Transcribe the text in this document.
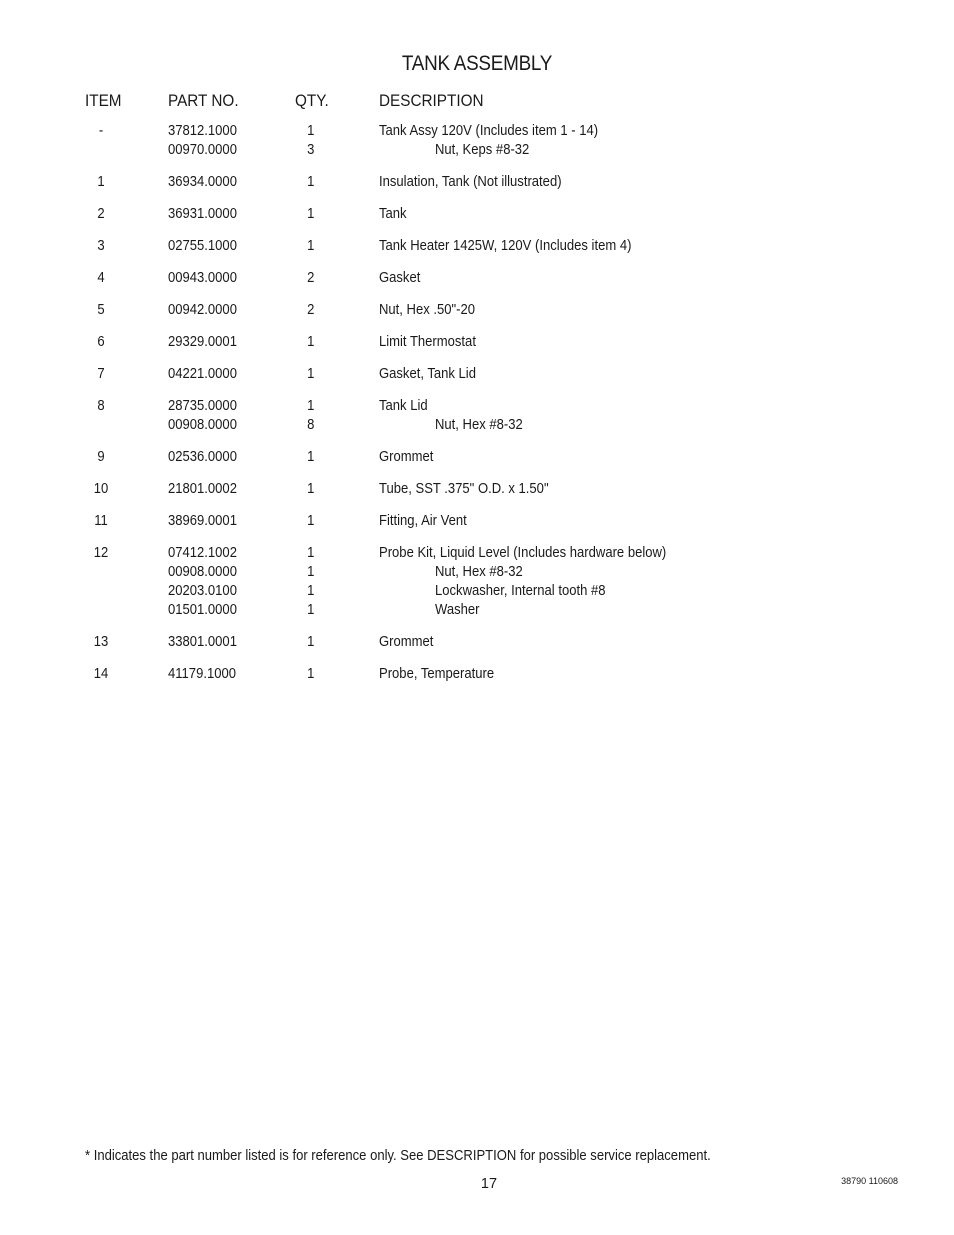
TANK ASSEMBLY
ITEM	PART NO.	QTY.	DESCRIPTION
-	37812.1000	1	Tank Assy 120V (Includes item 1 - 14)
00970.0000	3	Nut, Keps #8-32
1	36934.0000	1	Insulation, Tank (Not illustrated)
2	36931.0000	1	Tank
3	02755.1000	1	Tank Heater 1425W, 120V (Includes item 4)
4	00943.0000	2	Gasket
5	00942.0000	2	Nut, Hex .50"-20
6	29329.0001	1	Limit Thermostat
7	04221.0000	1	Gasket, Tank Lid
8	28735.0000	1	Tank Lid
00908.0000	8	Nut, Hex #8-32
9	02536.0000	1	Grommet
10	21801.0002	1	Tube, SST .375" O.D. x 1.50"
11	38969.0001	1	Fitting, Air Vent
12	07412.1002	1	Probe Kit, Liquid Level (Includes hardware below)
00908.0000	1	Nut, Hex #8-32
20203.0100	1	Lockwasher, Internal tooth #8
01501.0000	1	Washer
13	33801.0001	1	Grommet
14	41179.1000	1	Probe, Temperature
* Indicates the part number listed is for reference only. See DESCRIPTION for possible service replacement.
17	38790 110608
